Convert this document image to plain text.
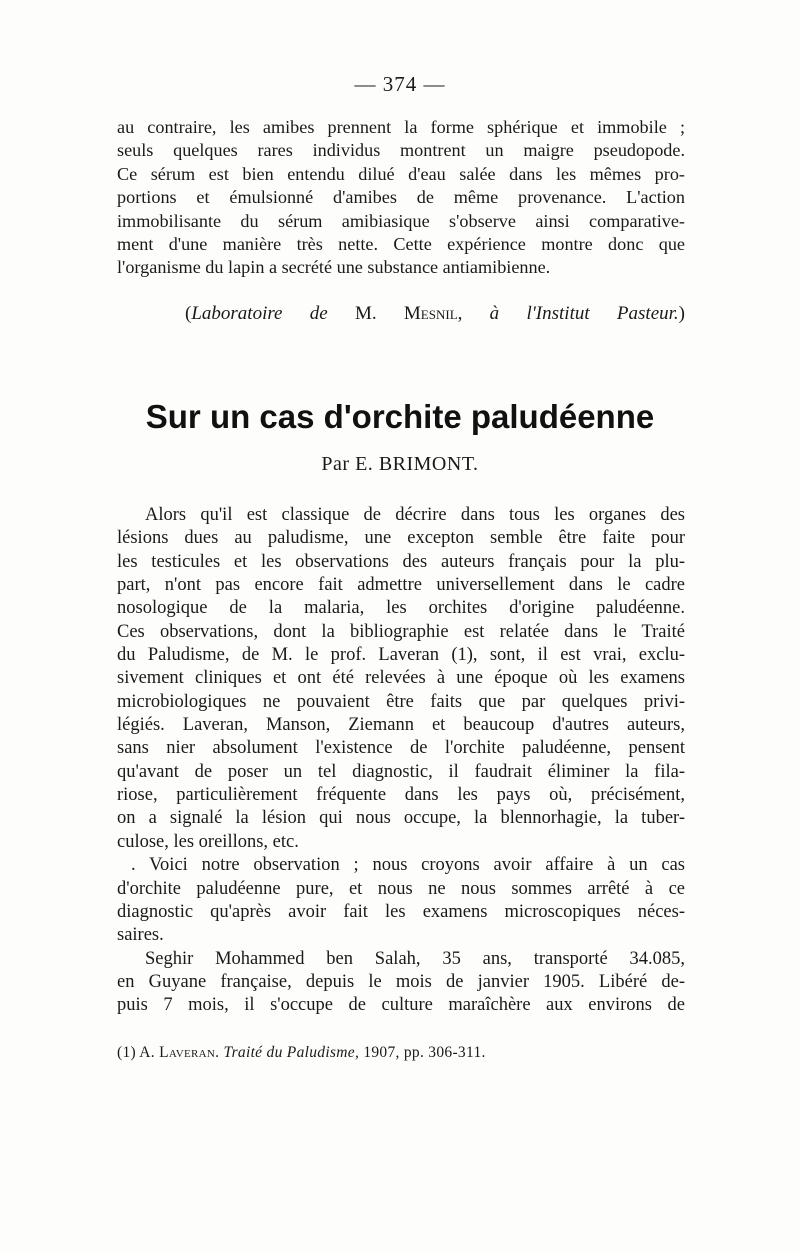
— 374 —
au contraire, les amibes prennent la forme sphérique et immobile ;
seuls quelques rares individus montrent un maigre pseudopode.
Ce sérum est bien entendu dilué d'eau salée dans les mêmes pro-
portions et émulsionné d'amibes de même provenance. L'action
immobilisante du sérum amibiasique s'observe ainsi comparative-
ment d'une manière très nette. Cette expérience montre donc que
l'organisme du lapin a secrété une substance antiamibienne.
(Laboratoire de M. Mesnil, à l'Institut Pasteur.)
Sur un cas d'orchite paludéenne
Par E. BRIMONT.
Alors qu'il est classique de décrire dans tous les organes des
lésions dues au paludisme, une excepton semble être faite pour
les testicules et les observations des auteurs français pour la plu-
part, n'ont pas encore fait admettre universellement dans le cadre
nosologique de la malaria, les orchites d'origine paludéenne.
Ces observations, dont la bibliographie est relatée dans le Traité
du Paludisme, de M. le prof. Laveran (1), sont, il est vrai, exclu-
sivement cliniques et ont été relevées à une époque où les examens
microbiologiques ne pouvaient être faits que par quelques privi-
légiés. Laveran, Manson, Ziemann et beaucoup d'autres auteurs,
sans nier absolument l'existence de l'orchite paludéenne, pensent
qu'avant de poser un tel diagnostic, il faudrait éliminer la fila-
riose, particulièrement fréquente dans les pays où, précisément,
on a signalé la lésion qui nous occupe, la blennorhagie, la tuber-
culose, les oreillons, etc.
. Voici notre observation ; nous croyons avoir affaire à un cas
d'orchite paludéenne pure, et nous ne nous sommes arrêté à ce
diagnostic qu'après avoir fait les examens microscopiques néces-
saires.
Seghir Mohammed ben Salah, 35 ans, transporté 34.085,
en Guyane française, depuis le mois de janvier 1905. Libéré de-
puis 7 mois, il s'occupe de culture maraîchère aux environs de
(1) A. Laveran. Traité du Paludisme, 1907, pp. 306-311.
